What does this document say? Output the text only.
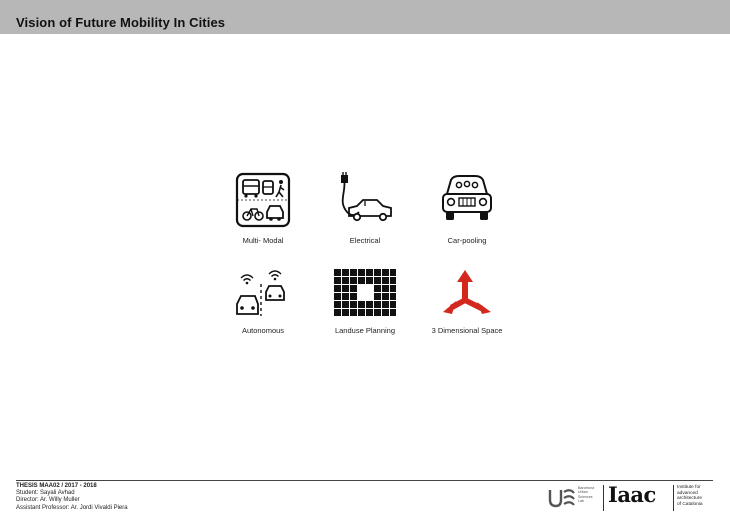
Vision of Future Mobility In Cities
Multi- Modal	Electrical	Car-pooling
Autonomous	Landuse Planning	3 Dimensional Space
THESIS MAA02 / 2017 - 2018
Student: Sayali Avhad
Director: Ar. Willy Muller
Assistant Professor: Ar. Jordi Vivaldi Piera
Barcelona
Urban
Sciences
Lab	Iaac	Institute for
advanced
architecture
of Catalonia
